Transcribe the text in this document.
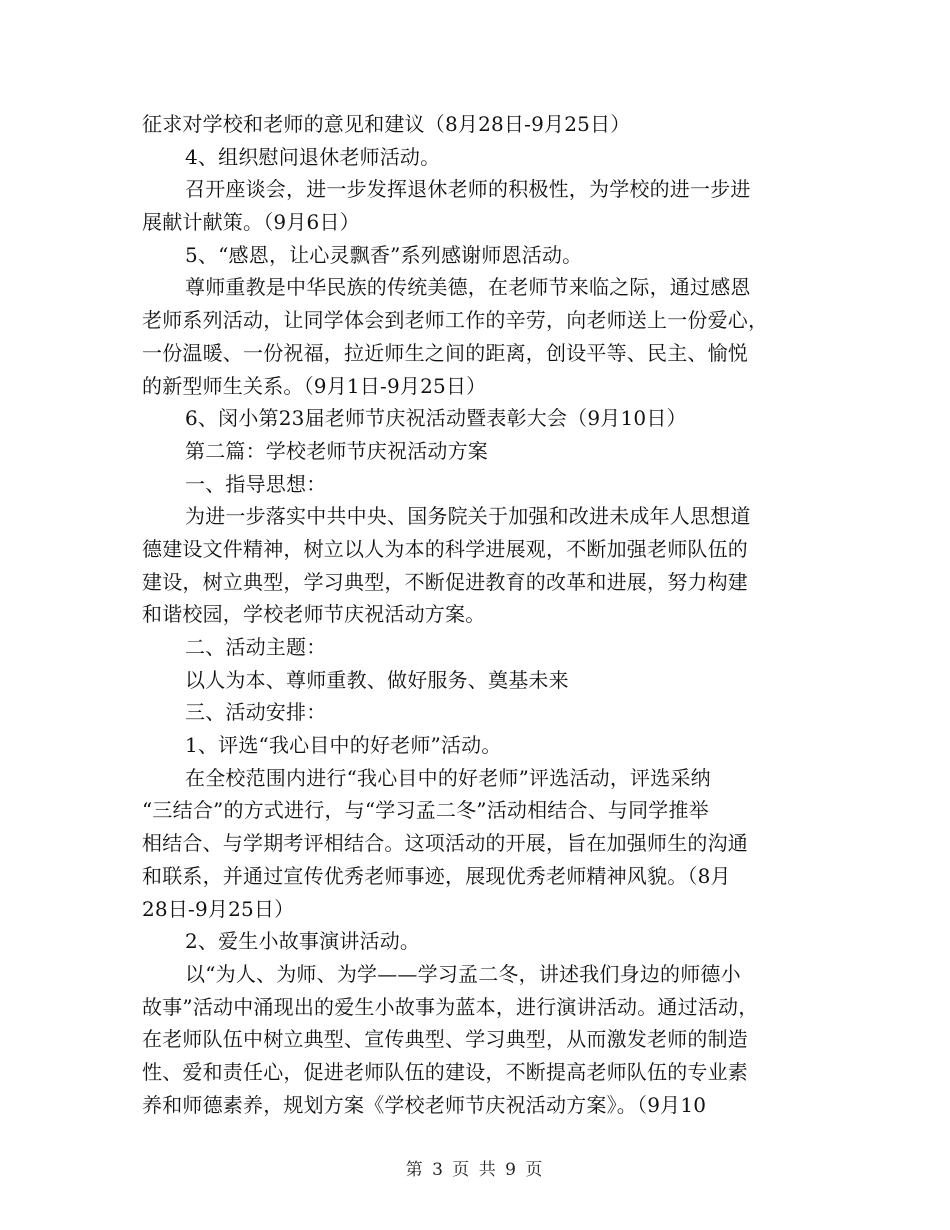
征求对学校和老师的意见和建议（8月28日-9月25日）
4、组织慰问退休老师活动。
召开座谈会，进一步发挥退休老师的积极性，为学校的进一步进
展献计献策。（9月6日）
5、“感恩，让心灵飘香”系列感谢师恩活动。
尊师重教是中华民族的传统美德，在老师节来临之际，通过感恩
老师系列活动，让同学体会到老师工作的辛劳，向老师送上一份爱心，
一份温暖、一份祝福，拉近师生之间的距离，创设平等、民主、愉悦
的新型师生关系。（9月1日-9月25日）
6、闵小第23届老师节庆祝活动暨表彰大会（9月10日）
第二篇：学校老师节庆祝活动方案
一、指导思想：
为进一步落实中共中央、国务院关于加强和改进未成年人思想道
德建设文件精神，树立以人为本的科学进展观，不断加强老师队伍的
建设，树立典型，学习典型，不断促进教育的改革和进展，努力构建
和谐校园，学校老师节庆祝活动方案。
二、活动主题：
以人为本、尊师重教、做好服务、奠基未来
三、活动安排：
1、评选“我心目中的好老师”活动。
在全校范围内进行“我心目中的好老师”评选活动，评选采纳
“三结合”的方式进行，与“学习孟二冬”活动相结合、与同学推举
相结合、与学期考评相结合。这项活动的开展，旨在加强师生的沟通
和联系，并通过宣传优秀老师事迹，展现优秀老师精神风貌。（8月
28日-9月25日）
2、爱生小故事演讲活动。
以“为人、为师、为学——学习孟二冬，讲述我们身边的师德小
故事”活动中涌现出的爱生小故事为蓝本，进行演讲活动。通过活动，
在老师队伍中树立典型、宣传典型、学习典型，从而激发老师的制造
性、爱和责任心，促进老师队伍的建设，不断提高老师队伍的专业素
养和师德素养，规划方案《学校老师节庆祝活动方案》。（9月10
第 3 页 共 9 页
